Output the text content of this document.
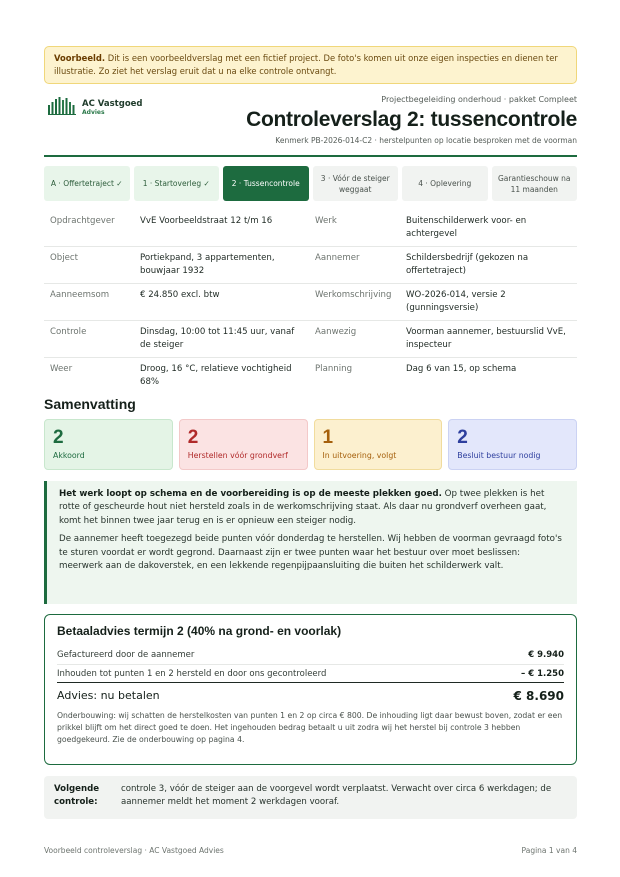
Voorbeeld. Dit is een voorbeeldverslag met een fictief project. De foto's komen uit onze eigen inspecties en dienen ter illustratie. Zo ziet het verslag eruit dat u na elke controle ontvangt.
AC Vastgoed
Advies
Projectbegeleiding onderhoud · pakket Compleet
Controleverslag 2: tussencontrole
Kenmerk PB-2026-014-C2 · herstelpunten op locatie besproken met de voorman
A · Offertetraject ✓	1 · Startoverleg ✓	2 · Tussencontrole
3 · Vóór de steiger weggaat
4 · Oplevering
Garantieschouw na 11 maanden
Opdrachtgever	VvE Voorbeeldstraat 12 t/m 16	Werk	Buitenschilderwerk voor- en achtergevel
Object	Portiekpand, 3 appartementen, bouwjaar 1932	Aannemer	Schildersbedrijf (gekozen na offertetraject)
Aanneemsom	€ 24.850 excl. btw	Werkomschrijving	WO-2026-014, versie 2 (gunningsversie)
Controle	Dinsdag, 10:00 tot 11:45 uur, vanaf de steiger	Aanwezig	Voorman aannemer, bestuurslid VvE, inspecteur
Weer	Droog, 16 °C, relatieve vochtigheid 68%	Planning	Dag 6 van 15, op schema
Samenvatting
2
Akkoord
2
Herstellen vóór grondverf
1
In uitvoering, volgt
2
Besluit bestuur nodig

Het werk loopt op schema en de voorbereiding is op de meeste plekken goed. Op twee plekken is het rotte of gescheurde hout niet hersteld zoals in de werkomschrijving staat. Als daar nu grondverf overheen gaat, komt het binnen twee jaar terug en is er opnieuw een steiger nodig.

De aannemer heeft toegezegd beide punten vóór donderdag te herstellen. Wij hebben de voorman gevraagd foto's te sturen voordat er wordt gegrond. Daarnaast zijn er twee punten waar het bestuur over moet beslissen: meerwerk aan de dakoverstek, en een lekkende regenpijpaansluiting die buiten het schilderwerk valt.

Betaaladvies termijn 2 (40% na grond- en voorlak)
Gefactureerd door de aannemer	€ 9.940
Inhouden tot punten 1 en 2 hersteld en door ons gecontroleerd	– € 1.250
Advies: nu betalen	€ 8.690
Onderbouwing: wij schatten de herstelkosten van punten 1 en 2 op circa € 800. De inhouding ligt daar bewust boven, zodat er een prikkel blijft om het direct goed te doen. Het ingehouden bedrag betaalt u uit zodra wij het herstel bij controle 3 hebben goedgekeurd. Zie de onderbouwing op pagina 4.
Volgende controle:
controle 3, vóór de steiger aan de voorgevel wordt verplaatst. Verwacht over circa 6 werkdagen; de aannemer meldt het moment 2 werkdagen vooraf.
Voorbeeld controleverslag · AC Vastgoed Advies	Pagina 1 van 4
